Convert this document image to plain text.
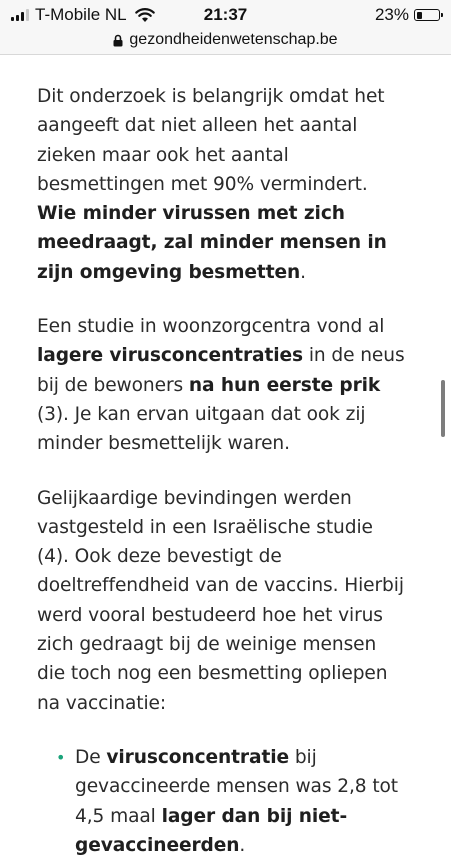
T-Mobile NL	21:37	23%
gezondheidenwetenschap.be

Dit onderzoek is belangrijk omdat het aangeeft dat niet alleen het aantal zieken maar ook het aantal besmettingen met 90% vermindert. Wie minder virussen met zich meedraagt, zal minder mensen in zijn omgeving besmetten.

Een studie in woonzorgcentra vond al lagere virusconcentraties in de neus bij de bewoners na hun eerste prik (3). Je kan ervan uitgaan dat ook zij minder besmettelijk waren.

Gelijkaardige bevindingen werden vastgesteld in een Israëlische studie (4). Ook deze bevestigt de doeltreffendheid van de vaccins. Hierbij werd vooral bestudeerd hoe het virus zich gedraagt bij de weinige mensen die toch nog een besmetting opliepen na vaccinatie:

• De virusconcentratie bij gevaccineerde mensen was 2,8 tot 4,5 maal lager dan bij niet-gevaccineerden.
